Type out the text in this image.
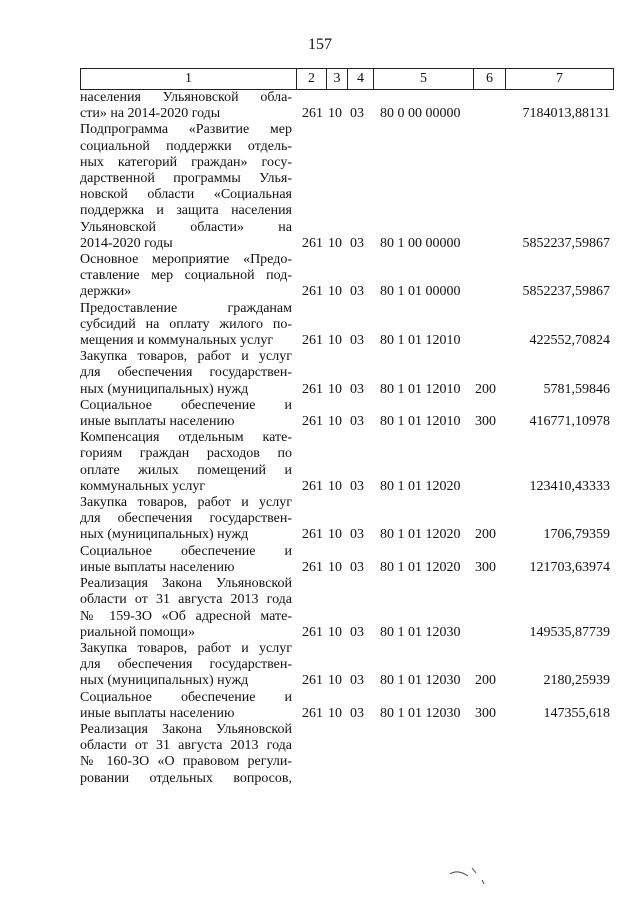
157
1	2	3	4	5	6	7
населения Ульяновской обла-
сти» на 2014-2020 годы	261 10 03	80 0 00 00000	7184013,88131
Подпрограмма «Развитие мер
социальной поддержки отдель-
ных категорий граждан» госу-
дарственной программы Улья-
новской области «Социальная
поддержка и защита населения
Ульяновской области» на
2014-2020 годы	261 10 03	80 1 00 00000	5852237,59867
Основное мероприятие «Предо-
ставление мер социальной под-
держки»	261 10 03	80 1 01 00000	5852237,59867
Предоставление гражданам
субсидий на оплату жилого по-
мещения и коммунальных услуг	261 10 03	80 1 01 12010	422552,70824
Закупка товаров, работ и услуг
для обеспечения государствен-
ных (муниципальных) нужд	261 10 03	80 1 01 12010	200	5781,59846
Социальное обеспечение и
иные выплаты населению	261 10 03	80 1 01 12010	300	416771,10978
Компенсация отдельным кате-
гориям граждан расходов по
оплате жилых помещений и
коммунальных услуг	261 10 03	80 1 01 12020	123410,43333
Закупка товаров, работ и услуг
для обеспечения государствен-
ных (муниципальных) нужд	261 10 03	80 1 01 12020	200	1706,79359
Социальное обеспечение и
иные выплаты населению	261 10 03	80 1 01 12020	300	121703,63974
Реализация Закона Ульяновской
области от 31 августа 2013 года
№ 159-ЗО «Об адресной мате-
риальной помощи»	261 10 03	80 1 01 12030	149535,87739
Закупка товаров, работ и услуг
для обеспечения государствен-
ных (муниципальных) нужд	261 10 03	80 1 01 12030	200	2180,25939
Социальное обеспечение и
иные выплаты населению	261 10 03	80 1 01 12030	300	147355,618
Реализация Закона Ульяновской
области от 31 августа 2013 года
№ 160-ЗО «О правовом регули-
ровании отдельных вопросов,
